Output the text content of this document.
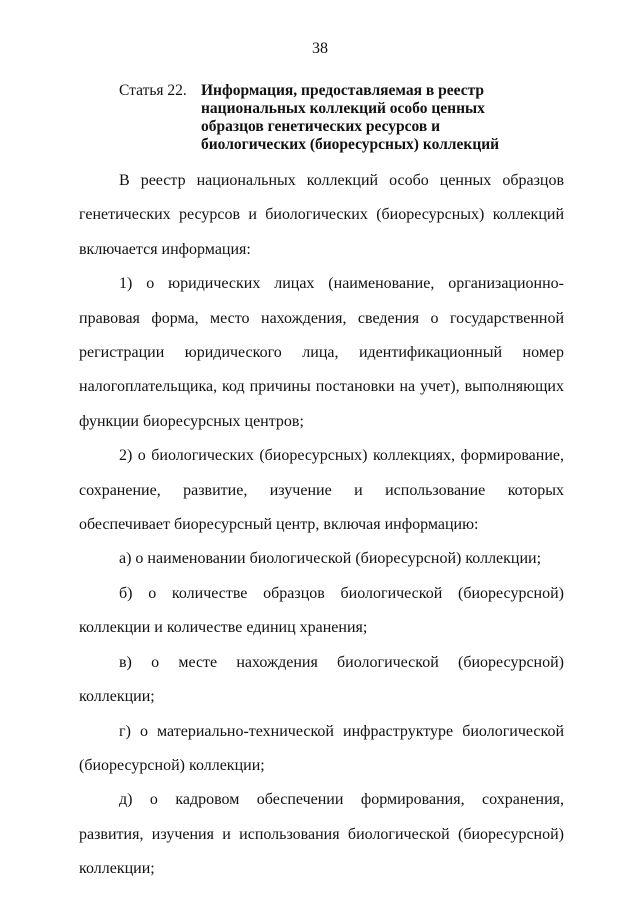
38
Статья 22. Информация, предоставляемая в реестр национальных коллекций особо ценных образцов генетических ресурсов и биологических (биоресурсных) коллекций

В реестр национальных коллекций особо ценных образцов генетических ресурсов и биологических (биоресурсных) коллекций включается информация:

1) о юридических лицах (наименование, организационно-правовая форма, место нахождения, сведения о государственной регистрации юридического лица, идентификационный номер налогоплательщика, код причины постановки на учет), выполняющих функции биоресурсных центров;

2) о биологических (биоресурсных) коллекциях, формирование, сохранение, развитие, изучение и использование которых обеспечивает биоресурсный центр, включая информацию:

а) о наименовании биологической (биоресурсной) коллекции;

б) о количестве образцов биологической (биоресурсной) коллекции и количестве единиц хранения;

в) о месте нахождения биологической (биоресурсной) коллекции;

г) о материально-технической инфраструктуре биологической (биоресурсной) коллекции;

д) о кадровом обеспечении формирования, сохранения, развития, изучения и использования биологической (биоресурсной) коллекции;
